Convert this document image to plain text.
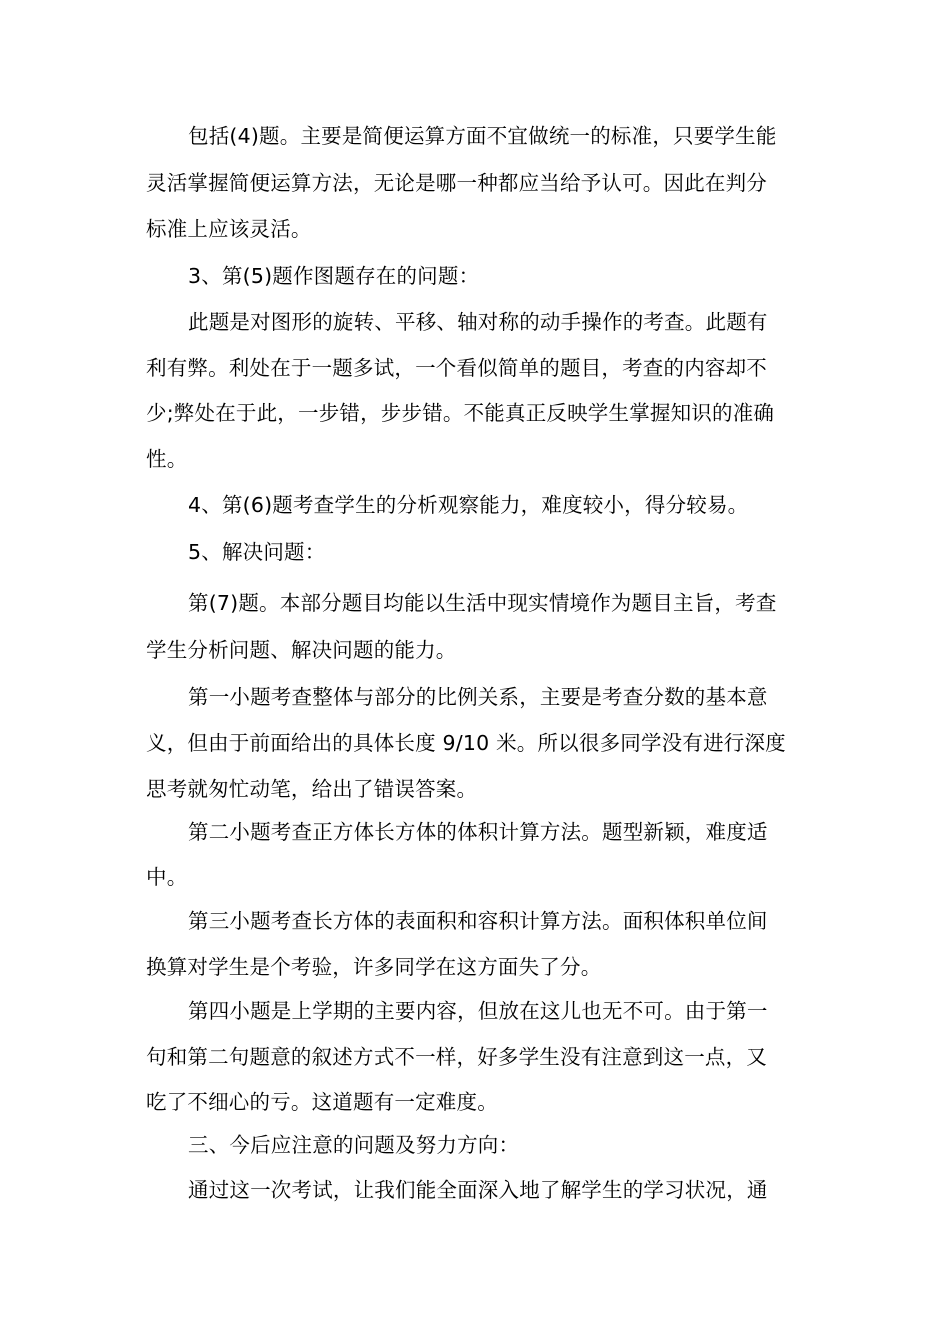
包括(4)题。主要是简便运算方面不宜做统一的标准，只要学生能
灵活掌握简便运算方法，无论是哪一种都应当给予认可。因此在判分
标准上应该灵活。
3、第(5)题作图题存在的问题：
此题是对图形的旋转、平移、轴对称的动手操作的考查。此题有
利有弊。利处在于一题多试，一个看似简单的题目，考查的内容却不
少;弊处在于此，一步错，步步错。不能真正反映学生掌握知识的准确
性。
4、第(6)题考查学生的分析观察能力，难度较小，得分较易。
5、解决问题：
第(7)题。本部分题目均能以生活中现实情境作为题目主旨，考查
学生分析问题、解决问题的能力。
第一小题考查整体与部分的比例关系，主要是考查分数的基本意
义，但由于前面给出的具体长度 9/10 米。所以很多同学没有进行深度
思考就匆忙动笔，给出了错误答案。
第二小题考查正方体长方体的体积计算方法。题型新颖，难度适
中。
第三小题考查长方体的表面积和容积计算方法。面积体积单位间
换算对学生是个考验，许多同学在这方面失了分。
第四小题是上学期的主要内容，但放在这儿也无不可。由于第一
句和第二句题意的叙述方式不一样，好多学生没有注意到这一点，又
吃了不细心的亏。这道题有一定难度。
三、今后应注意的问题及努力方向：
通过这一次考试，让我们能全面深入地了解学生的学习状况，通
